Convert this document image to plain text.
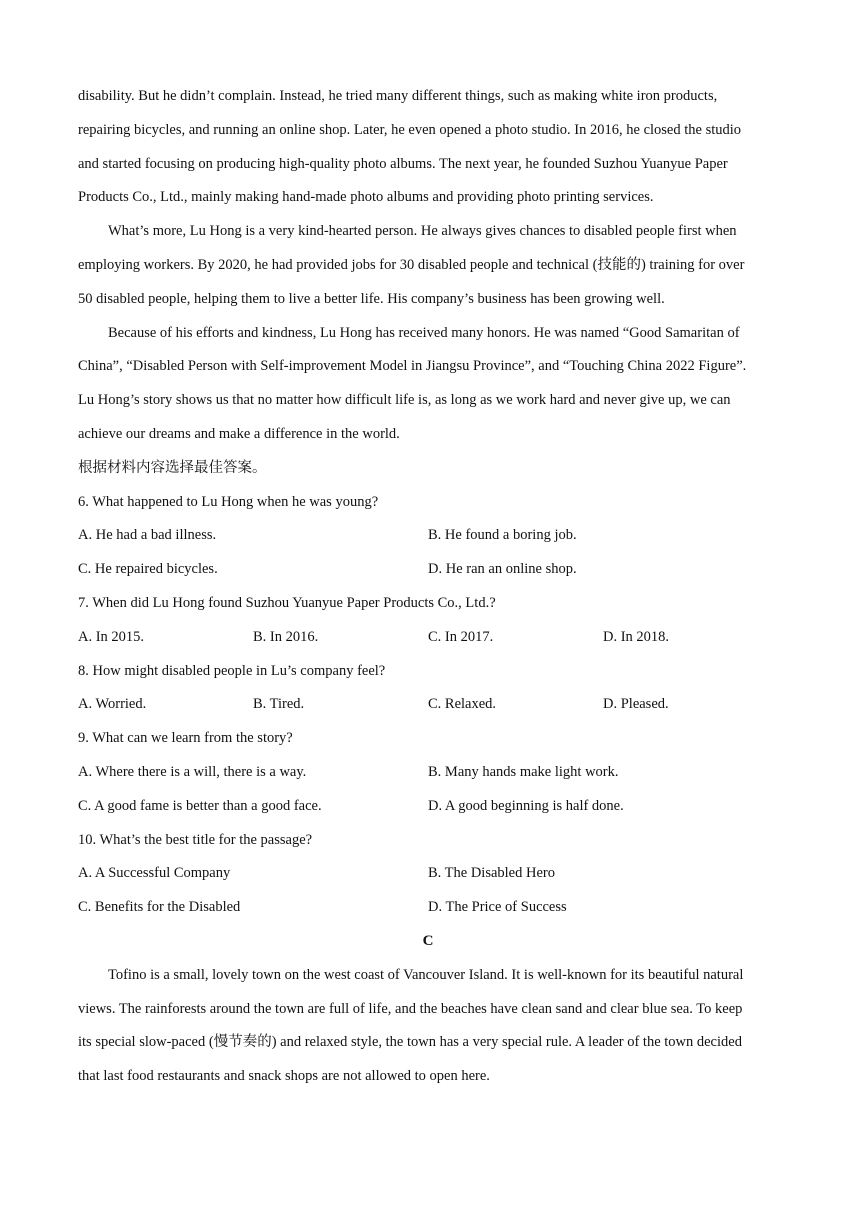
disability. But he didn’t complain. Instead, he tried many different things, such as making white iron products,

repairing bicycles, and running an online shop. Later, he even opened a photo studio. In 2016, he closed the studio

and started focusing on producing high-quality photo albums. The next year, he founded Suzhou Yuanyue Paper

Products Co., Ltd., mainly making hand-made photo albums and providing photo printing services.

What’s more, Lu Hong is a very kind-hearted person. He always gives chances to disabled people first when

employing workers. By 2020, he had provided jobs for 30 disabled people and technical (技能的) training for over

50 disabled people, helping them to live a better life. His company’s business has been growing well.

Because of his efforts and kindness, Lu Hong has received many honors. He was named “Good Samaritan of

China”, “Disabled Person with Self-improvement Model in Jiangsu Province”, and “Touching China 2022 Figure”.

Lu Hong’s story shows us that no matter how difficult life is, as long as we work hard and never give up, we can

achieve our dreams and make a difference in the world.

根据材料内容选择最佳答案。

6. What happened to Lu Hong when he was young?

A. He had a bad illness.	B. He found a boring job.
C. He repaired bicycles.	D. He ran an online shop.

7. When did Lu Hong found Suzhou Yuanyue Paper Products Co., Ltd.?

A. In 2015.	B. In 2016.	C. In 2017.	D. In 2018.

8. How might disabled people in Lu’s company feel?

A. Worried.	B. Tired.	C. Relaxed.	D. Pleased.

9. What can we learn from the story?

A. Where there is a will, there is a way.	B. Many hands make light work.
C. A good fame is better than a good face.	D. A good beginning is half done.

10. What’s the best title for the passage?

A. A Successful Company	B. The Disabled Hero
C. Benefits for the Disabled	D. The Price of Success
C

Tofino is a small, lovely town on the west coast of Vancouver Island. It is well-known for its beautiful natural

views. The rainforests around the town are full of life, and the beaches have clean sand and clear blue sea. To keep

its special slow-paced (慢节奏的) and relaxed style, the town has a very special rule. A leader of the town decided

that last food restaurants and snack shops are not allowed to open here.
